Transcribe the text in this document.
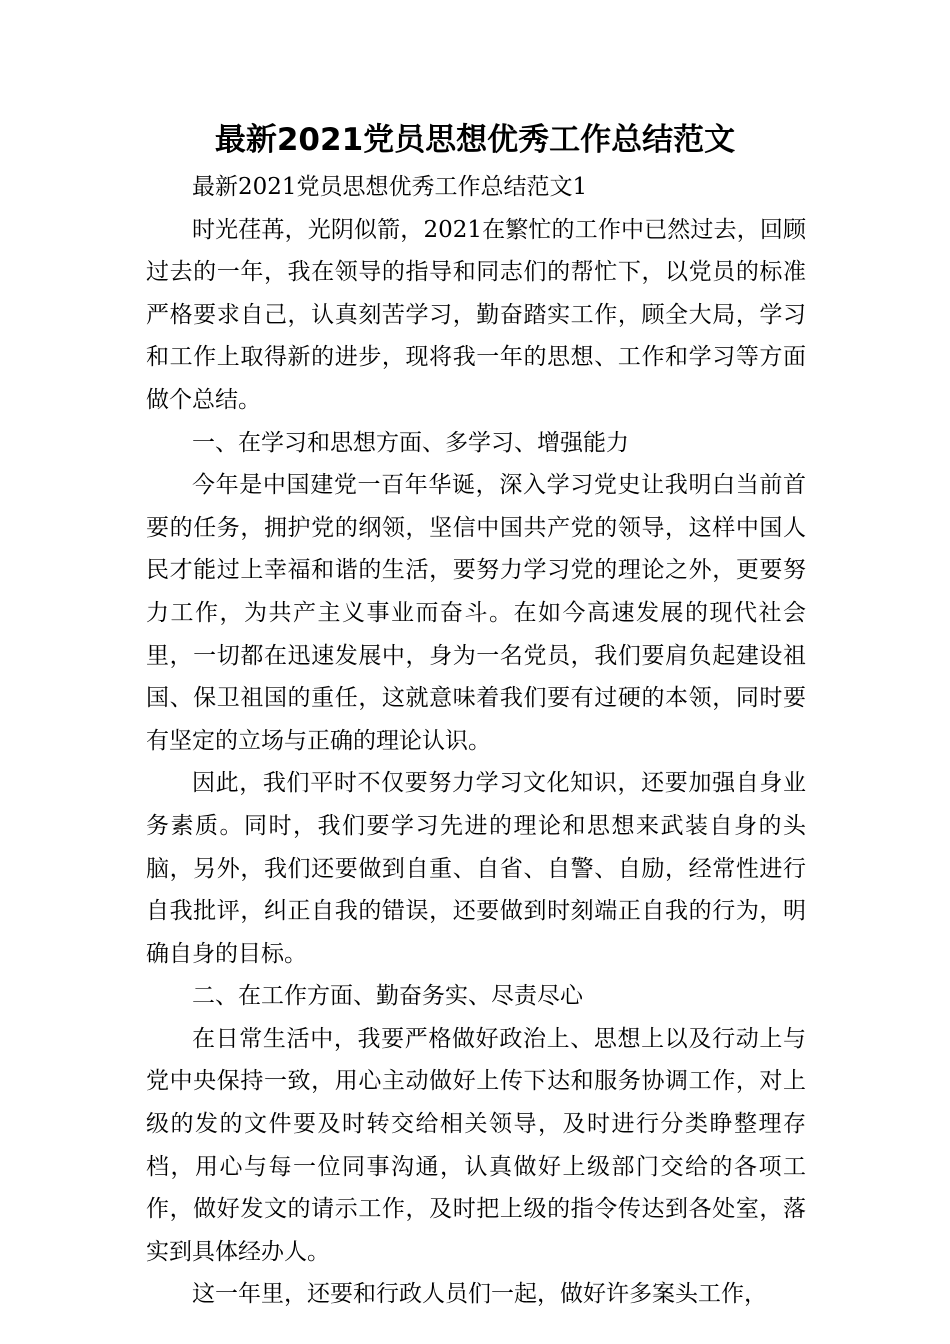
最新2021党员思想优秀工作总结范文

最新2021党员思想优秀工作总结范文1

时光荏苒，光阴似箭，2021在繁忙的工作中已然过去，回顾过去的一年，我在领导的指导和同志们的帮忙下，以党员的标准严格要求自己，认真刻苦学习，勤奋踏实工作，顾全大局，学习和工作上取得新的进步，现将我一年的思想、工作和学习等方面做个总结。

一、在学习和思想方面、多学习、增强能力

今年是中国建党一百年华诞，深入学习党史让我明白当前首要的任务，拥护党的纲领，坚信中国共产党的领导，这样中国人民才能过上幸福和谐的生活，要努力学习党的理论之外，更要努力工作，为共产主义事业而奋斗。在如今高速发展的现代社会里，一切都在迅速发展中，身为一名党员，我们要肩负起建设祖国、保卫祖国的重任，这就意味着我们要有过硬的本领，同时要有坚定的立场与正确的理论认识。

因此，我们平时不仅要努力学习文化知识，还要加强自身业务素质。同时，我们要学习先进的理论和思想来武装自身的头脑，另外，我们还要做到自重、自省、自警、自励，经常性进行自我批评，纠正自我的错误，还要做到时刻端正自我的行为，明确自身的目标。

二、在工作方面、勤奋务实、尽责尽心

在日常生活中，我要严格做好政治上、思想上以及行动上与党中央保持一致，用心主动做好上传下达和服务协调工作，对上级的发的文件要及时转交给相关领导，及时进行分类睁整理存档，用心与每一位同事沟通，认真做好上级部门交给的各项工作，做好发文的请示工作，及时把上级的指令传达到各处室，落实到具体经办人。

这一年里，还要和行政人员们一起，做好许多案头工作，
